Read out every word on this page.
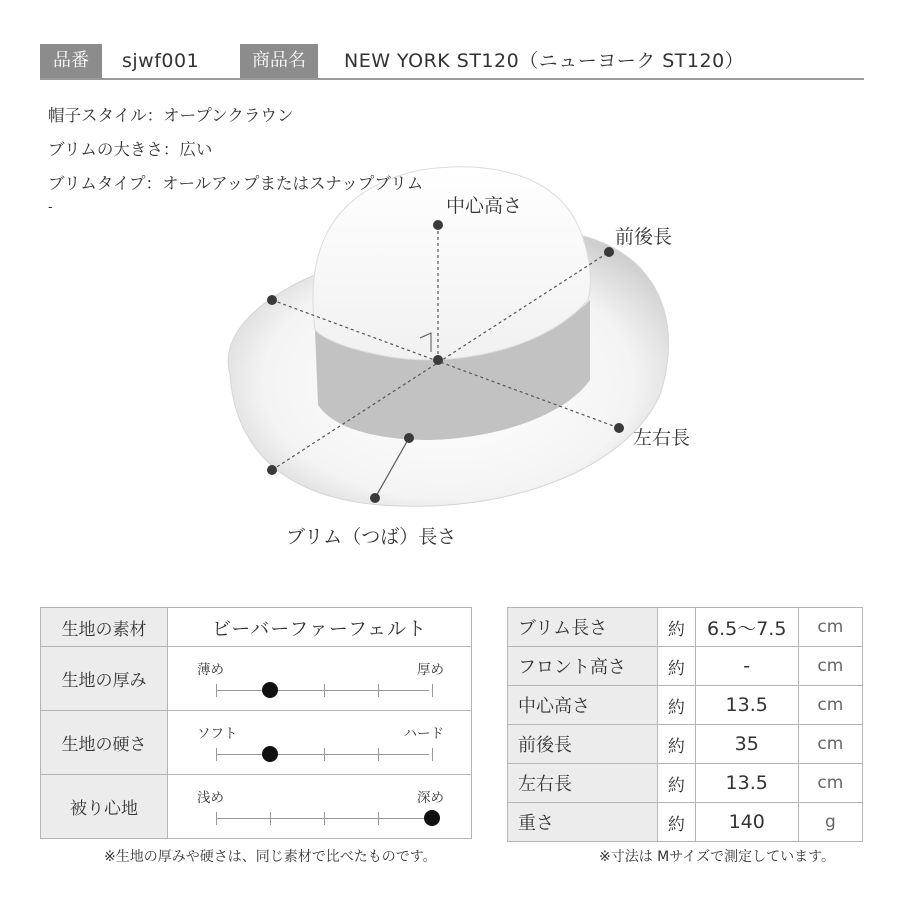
品番	sjwf001	商品名	NEW YORK ST120（ニューヨーク ST120）
中心高さ
前後長
左右長
ブリム（つば）長さ
帽子スタイル：オープンクラウン
ブリムの大きさ：広い
ブリムタイプ：オールアップまたはスナップブリム
-
生地の素材	ビーバーファーフェルト
生地の厚み	薄め 厚め

生地の硬さ	ソフト ハード

被り心地	浅め 深め
ブリム長さ	約	6.5〜7.5	cm

フロント高さ	約	-	cm

中心高さ	約	13.5	cm

前後長	約	35	cm

左右長	約	13.5	cm

重さ	約	140	g
※生地の厚みや硬さは、同じ素材で比べたものです。	※寸法は Mサイズで測定しています。
